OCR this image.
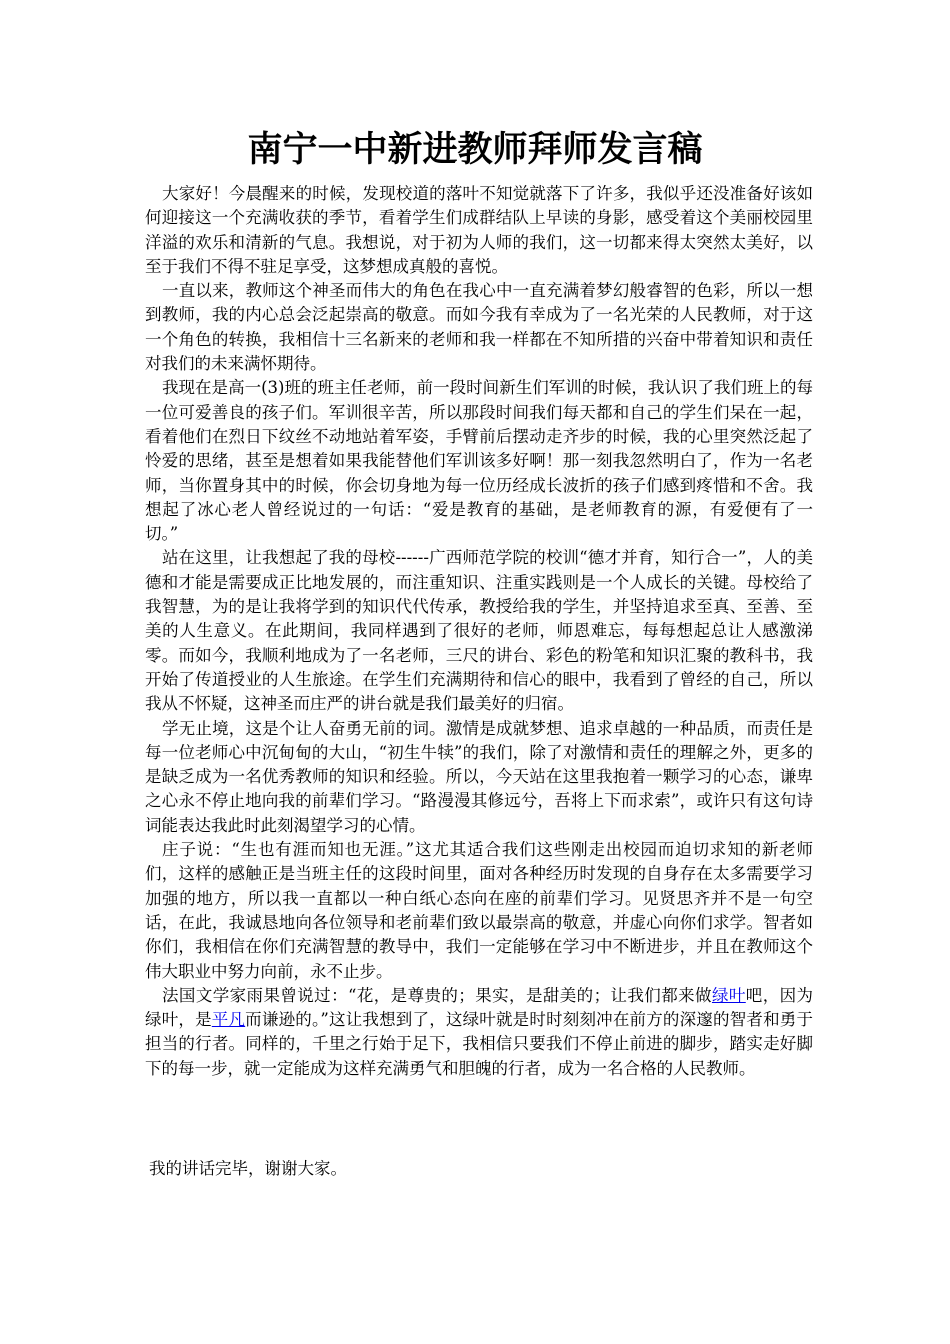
南宁一中新进教师拜师发言稿

大家好！今晨醒来的时候，发现校道的落叶不知觉就落下了许多，我似乎还没准备好该如何迎接这一个充满收获的季节，看着学生们成群结队上早读的身影，感受着这个美丽校园里洋溢的欢乐和清新的气息。我想说，对于初为人师的我们，这一切都来得太突然太美好，以至于我们不得不驻足享受，这梦想成真般的喜悦。

一直以来，教师这个神圣而伟大的角色在我心中一直充满着梦幻般睿智的色彩，所以一想到教师，我的内心总会泛起崇高的敬意。而如今我有幸成为了一名光荣的人民教师，对于这一个角色的转换，我相信十三名新来的老师和我一样都在不知所措的兴奋中带着知识和责任对我们的未来满怀期待。

我现在是高一(3)班的班主任老师，前一段时间新生们军训的时候，我认识了我们班上的每一位可爱善良的孩子们。军训很辛苦，所以那段时间我们每天都和自己的学生们呆在一起，看着他们在烈日下纹丝不动地站着军姿，手臂前后摆动走齐步的时候，我的心里突然泛起了怜爱的思绪，甚至是想着如果我能替他们军训该多好啊！那一刻我忽然明白了，作为一名老师，当你置身其中的时候，你会切身地为每一位历经成长波折的孩子们感到疼惜和不舍。我想起了冰心老人曾经说过的一句话：“爱是教育的基础，是老师教育的源，有爱便有了一切。”

站在这里，让我想起了我的母校------广西师范学院的校训“德才并育，知行合一”，人的美德和才能是需要成正比地发展的，而注重知识、注重实践则是一个人成长的关键。母校给了我智慧，为的是让我将学到的知识代代传承，教授给我的学生，并坚持追求至真、至善、至美的人生意义。在此期间，我同样遇到了很好的老师，师恩难忘，每每想起总让人感激涕零。而如今，我顺利地成为了一名老师，三尺的讲台、彩色的粉笔和知识汇聚的教科书，我开始了传道授业的人生旅途。在学生们充满期待和信心的眼中，我看到了曾经的自己，所以我从不怀疑，这神圣而庄严的讲台就是我们最美好的归宿。

学无止境，这是个让人奋勇无前的词。激情是成就梦想、追求卓越的一种品质，而责任是每一位老师心中沉甸甸的大山，“初生牛犊”的我们，除了对激情和责任的理解之外，更多的是缺乏成为一名优秀教师的知识和经验。所以，今天站在这里我抱着一颗学习的心态，谦卑之心永不停止地向我的前辈们学习。“路漫漫其修远兮，吾将上下而求索”，或许只有这句诗词能表达我此时此刻渴望学习的心情。

庄子说：“生也有涯而知也无涯。”这尤其适合我们这些刚走出校园而迫切求知的新老师们，这样的感触正是当班主任的这段时间里，面对各种经历时发现的自身存在太多需要学习加强的地方，所以我一直都以一种白纸心态向在座的前辈们学习。见贤思齐并不是一句空话，在此，我诚恳地向各位领导和老前辈们致以最崇高的敬意，并虚心向你们求学。智者如你们，我相信在你们充满智慧的教导中，我们一定能够在学习中不断进步，并且在教师这个伟大职业中努力向前，永不止步。

法国文学家雨果曾说过：“花，是尊贵的；果实，是甜美的；让我们都来做绿叶吧，因为绿叶，是平凡而谦逊的。”这让我想到了，这绿叶就是时时刻刻冲在前方的深邃的智者和勇于担当的行者。同样的，千里之行始于足下，我相信只要我们不停止前进的脚步，踏实走好脚下的每一步，就一定能成为这样充满勇气和胆魄的行者，成为一名合格的人民教师。

我的讲话完毕，谢谢大家。
